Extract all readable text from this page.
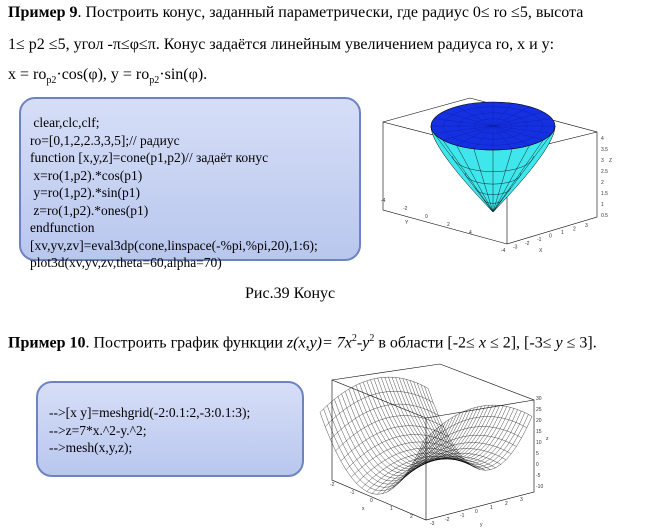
Пример 9. Построить конус, заданный параметрически, где радиус 0≤ ro ≤5, высота
1≤ p2 ≤5, угол -π≤φ≤π. Конус задаётся линейным увеличением радиуса ro, x и y:
$x = ro_{p2}\cdot\cos(\varphi)$, $y = ro_{p2}\cdot\sin(\varphi)$.
clear,clc,clf;
ro=[0,1,2,2.3,3,5];// радиус
function [x,y,z]=cone(p1,p2)// задаёт конус
x=ro(1,p2).*cos(p1)
y=ro(1,p2).*sin(p1)
z=ro(1,p2).*ones(p1)
endfunction
[xv,yv,zv]=eval3dp(cone,linspace(-%pi,%pi,20),1:6);
plot3d(xv,yv,zv,theta=60,alpha=70)
0.5
1
1.5
2
2.5
3
3.5
4
Z
-4
-2
0
2
4
Y
-4
-3
-2
-1
0
1
2
3
X
Рис.39 Конус
Пример 10. Построить график функции $z(x,y)= 7x^2-y^2$ в области [-2≤ x ≤ 2], [-3≤ y ≤ 3].
-->[x y]=meshgrid(-2:0.1:2,-3:0.1:3);
-->z=7*x.^2-y.^2;
-->mesh(x,y,z);
-10
-5
0
5
10
15
20
25
30
z
-2
-1
0
1
2
x
-3
-2
-1
0
1
2
3
y
